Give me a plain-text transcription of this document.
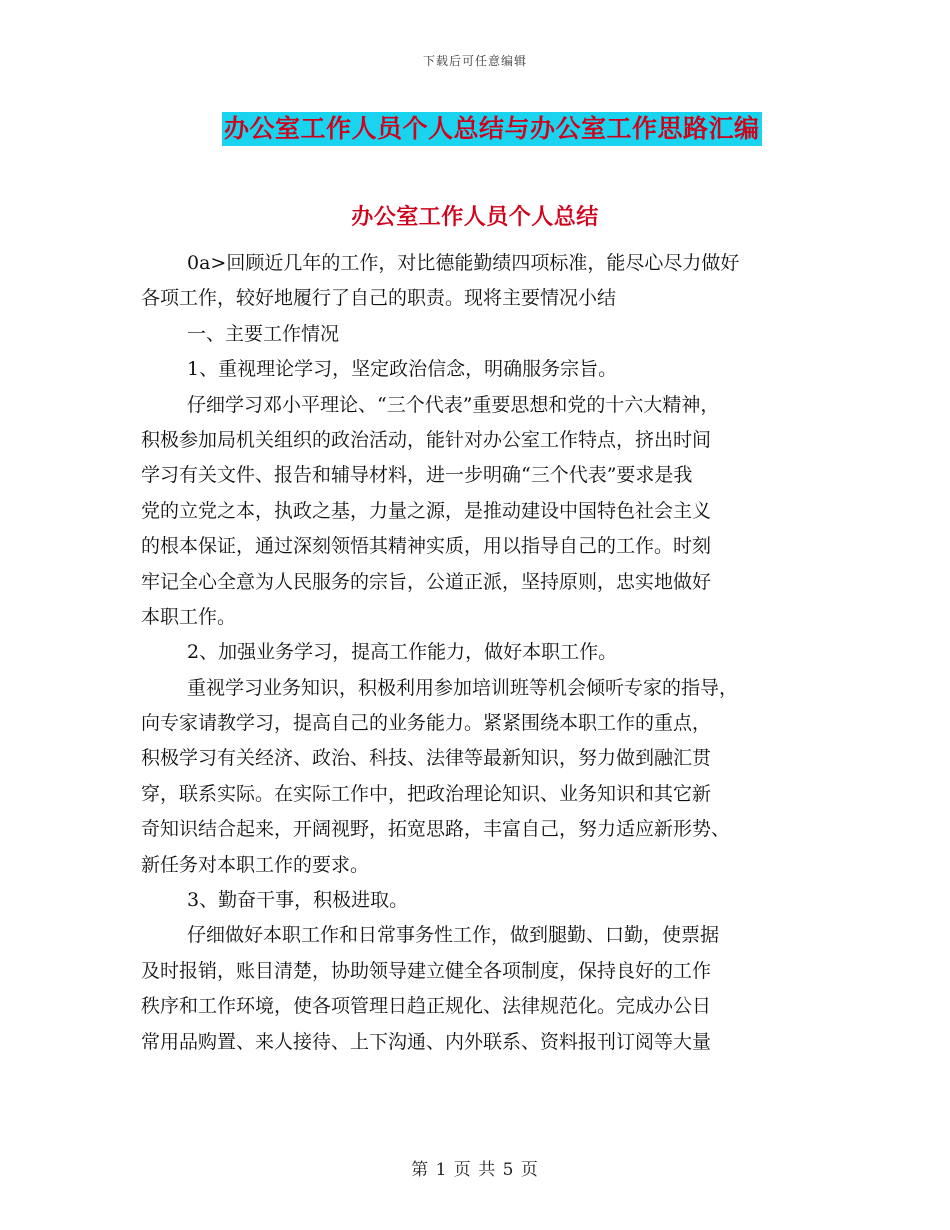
下载后可任意编辑
办公室工作人员个人总结与办公室工作思路汇编
办公室工作人员个人总结
0a>回顾近几年的工作，对比德能勤绩四项标准，能尽心尽力做好
各项工作，较好地履行了自己的职责。现将主要情况小结
一、主要工作情况
1、重视理论学习，坚定政治信念，明确服务宗旨。
仔细学习邓小平理论、“三个代表”重要思想和党的十六大精神，
积极参加局机关组织的政治活动，能针对办公室工作特点，挤出时间
学习有关文件、报告和辅导材料，进一步明确“三个代表”要求是我
党的立党之本，执政之基，力量之源，是推动建设中国特色社会主义
的根本保证，通过深刻领悟其精神实质，用以指导自己的工作。时刻
牢记全心全意为人民服务的宗旨，公道正派，坚持原则，忠实地做好
本职工作。
2、加强业务学习，提高工作能力，做好本职工作。
重视学习业务知识，积极利用参加培训班等机会倾听专家的指导，
向专家请教学习，提高自己的业务能力。紧紧围绕本职工作的重点，
积极学习有关经济、政治、科技、法律等最新知识，努力做到融汇贯
穿，联系实际。在实际工作中，把政治理论知识、业务知识和其它新
奇知识结合起来，开阔视野，拓宽思路，丰富自己，努力适应新形势、
新任务对本职工作的要求。
3、勤奋干事，积极进取。
仔细做好本职工作和日常事务性工作，做到腿勤、口勤，使票据
及时报销，账目清楚，协助领导建立健全各项制度，保持良好的工作
秩序和工作环境，使各项管理日趋正规化、法律规范化。完成办公日
常用品购置、来人接待、上下沟通、内外联系、资料报刊订阅等大量
第 1 页 共 5 页
